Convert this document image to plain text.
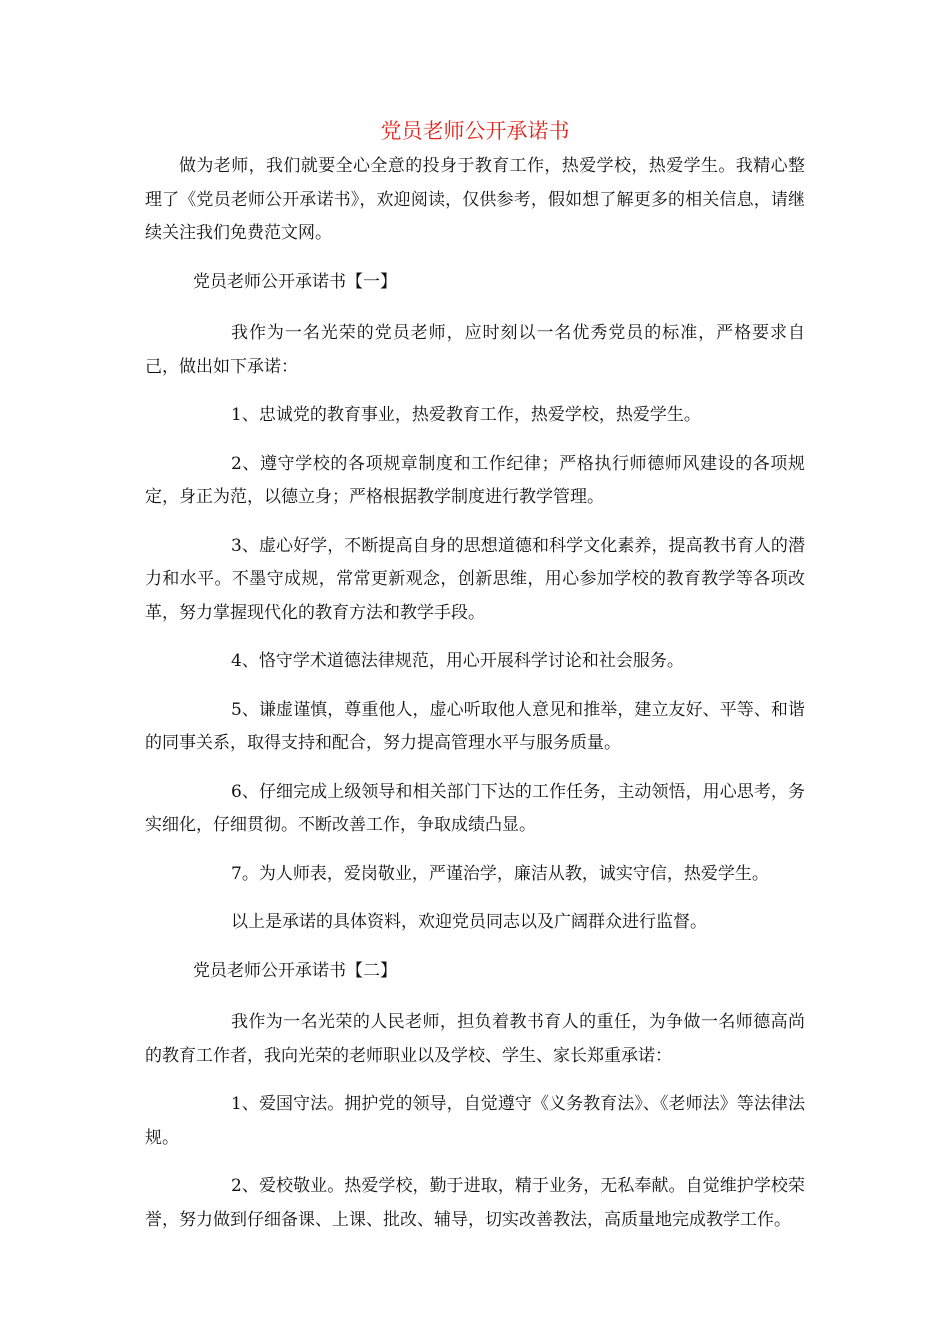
党员老师公开承诺书

做为老师，我们就要全心全意的投身于教育工作，热爱学校，热爱学生。我精心整理了《党员老师公开承诺书》，欢迎阅读，仅供参考，假如想了解更多的相关信息，请继续关注我们免费范文网。

党员老师公开承诺书【一】

我作为一名光荣的党员老师，应时刻以一名优秀党员的标准，严格要求自己，做出如下承诺：

1、忠诚党的教育事业，热爱教育工作，热爱学校，热爱学生。

2、遵守学校的各项规章制度和工作纪律；严格执行师德师风建设的各项规定，身正为范，以德立身；严格根据教学制度进行教学管理。

3、虚心好学，不断提高自身的思想道德和科学文化素养，提高教书育人的潜力和水平。不墨守成规，常常更新观念，创新思维，用心参加学校的教育教学等各项改革，努力掌握现代化的教育方法和教学手段。

4、恪守学术道德法律规范，用心开展科学讨论和社会服务。

5、谦虚谨慎，尊重他人，虚心听取他人意见和推举，建立友好、平等、和谐的同事关系，取得支持和配合，努力提高管理水平与服务质量。

6、仔细完成上级领导和相关部门下达的工作任务，主动领悟，用心思考，务实细化，仔细贯彻。不断改善工作，争取成绩凸显。

7。为人师表，爱岗敬业，严谨治学，廉洁从教，诚实守信，热爱学生。

以上是承诺的具体资料，欢迎党员同志以及广阔群众进行监督。

党员老师公开承诺书【二】

我作为一名光荣的人民老师，担负着教书育人的重任，为争做一名师德高尚的教育工作者，我向光荣的老师职业以及学校、学生、家长郑重承诺：

1、爱国守法。拥护党的领导，自觉遵守《义务教育法》、《老师法》等法律法规。

2、爱校敬业。热爱学校，勤于进取，精于业务，无私奉献。自觉维护学校荣誉，努力做到仔细备课、上课、批改、辅导，切实改善教法，高质量地完成教学工作。
